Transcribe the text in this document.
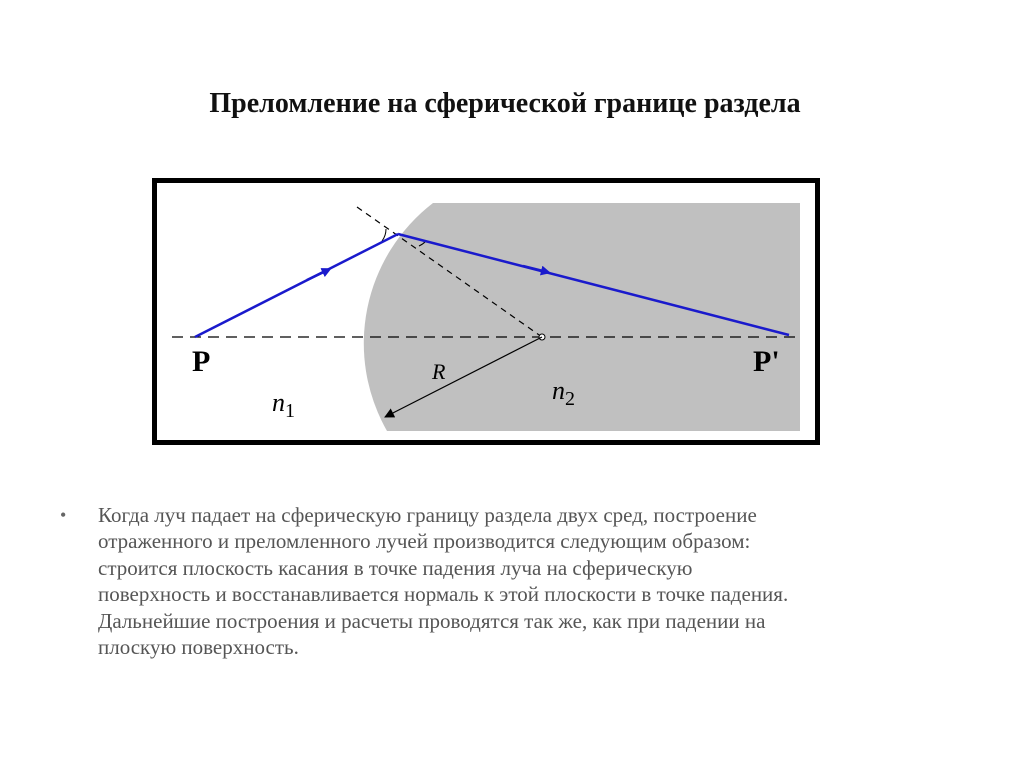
Преломление на сферической границе раздела
P	P'
R
n1
n2
• Когда луч падает на сферическую границу раздела двух сред, построение
отраженного и преломленного лучей производится следующим образом:
строится плоскость касания в точке падения луча на сферическую
поверхность и восстанавливается нормаль к этой плоскости в точке падения.
Дальнейшие построения и расчеты проводятся так же, как при падении на
плоскую поверхность.
